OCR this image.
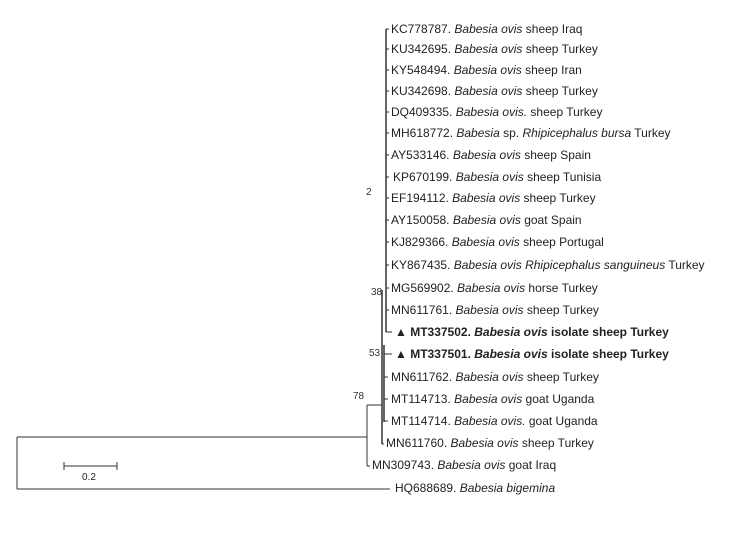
KC778787. Babesia ovis sheep Iraq
KU342695. Babesia ovis sheep Turkey
KY548494. Babesia ovis sheep Iran
KU342698. Babesia ovis sheep Turkey
DQ409335. Babesia ovis. sheep Turkey
MH618772. Babesia sp. Rhipicephalus bursa Turkey
AY533146. Babesia ovis sheep Spain
KP670199. Babesia ovis sheep Tunisia
EF194112. Babesia ovis sheep Turkey
AY150058. Babesia ovis goat Spain
KJ829366. Babesia ovis sheep Portugal
KY867435. Babesia ovis Rhipicephalus sanguineus Turkey
MG569902. Babesia ovis horse Turkey
MN611761. Babesia ovis sheep Turkey
▲ MT337502. Babesia ovis isolate sheep Turkey
▲ MT337501. Babesia ovis isolate sheep Turkey
MN611762. Babesia ovis sheep Turkey
MT114713. Babesia ovis goat Uganda
MT114714. Babesia ovis. goat Uganda
MN611760. Babesia ovis sheep Turkey
MN309743. Babesia ovis goat Iraq
HQ688689. Babesia bigemina
2
38
53
78
0.2
